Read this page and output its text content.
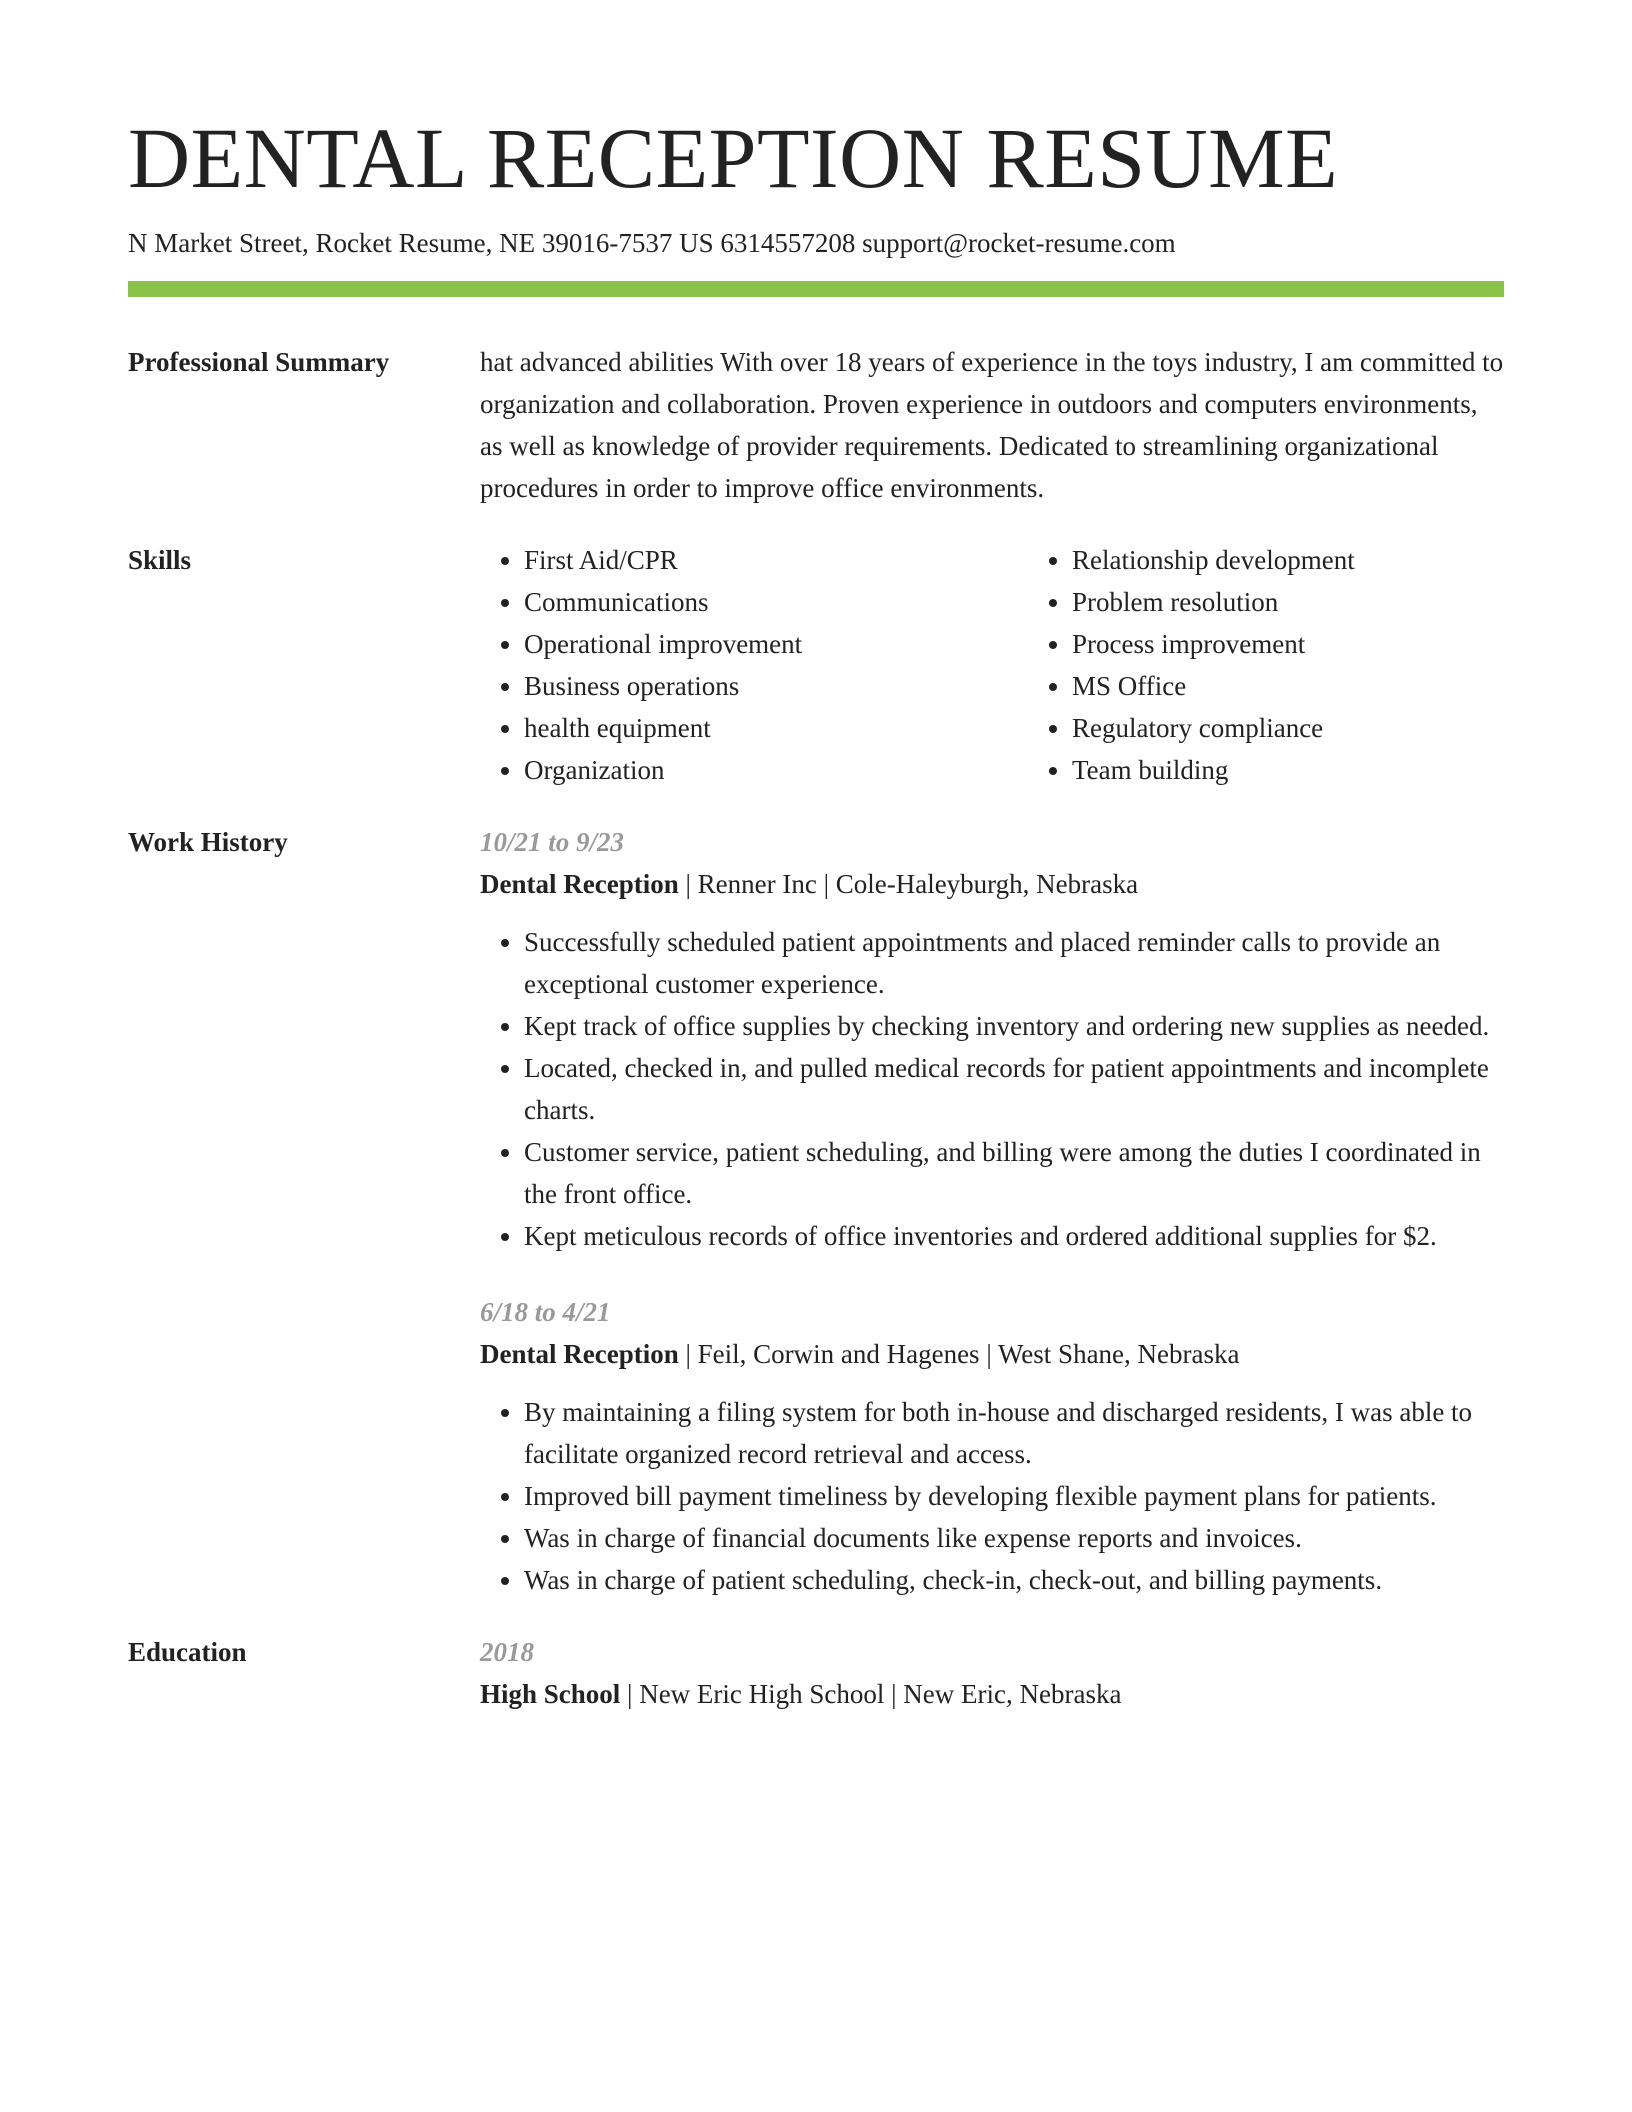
DENTAL RECEPTION RESUME
N Market Street, Rocket Resume, NE 39016-7537 US 6314557208 support@rocket-resume.com
Professional Summary	hat advanced abilities With over 18 years of experience in the toys industry, I am committed to organization and collaboration. Proven experience in outdoors and computers environments, as well as knowledge of provider requirements. Dedicated to streamlining organizational procedures in order to improve office environments.

Skills
•	First Aid/CPR
• Communications
• Operational improvement
• Business operations
• health equipment
• Organization
• Relationship development
• Problem resolution
• Process improvement
• MS Office
• Regulatory compliance
• Team building
Work History	10/21 to 9/23
Dental Reception | Renner Inc | Cole-Haleyburgh, Nebraska
• Successfully scheduled patient appointments and placed reminder calls to provide an exceptional customer experience.
• Kept track of office supplies by checking inventory and ordering new supplies as needed.
• Located, checked in, and pulled medical records for patient appointments and incomplete charts.
• Customer service, patient scheduling, and billing were among the duties I coordinated in the front office.
• Kept meticulous records of office inventories and ordered additional supplies for $2.
6/18 to 4/21
Dental Reception | Feil, Corwin and Hagenes | West Shane, Nebraska
• By maintaining a filing system for both in-house and discharged residents, I was able to facilitate organized record retrieval and access.
• Improved bill payment timeliness by developing flexible payment plans for patients.
• Was in charge of financial documents like expense reports and invoices.
• Was in charge of patient scheduling, check-in, check-out, and billing payments.
Education	2018
High School | New Eric High School | New Eric, Nebraska
